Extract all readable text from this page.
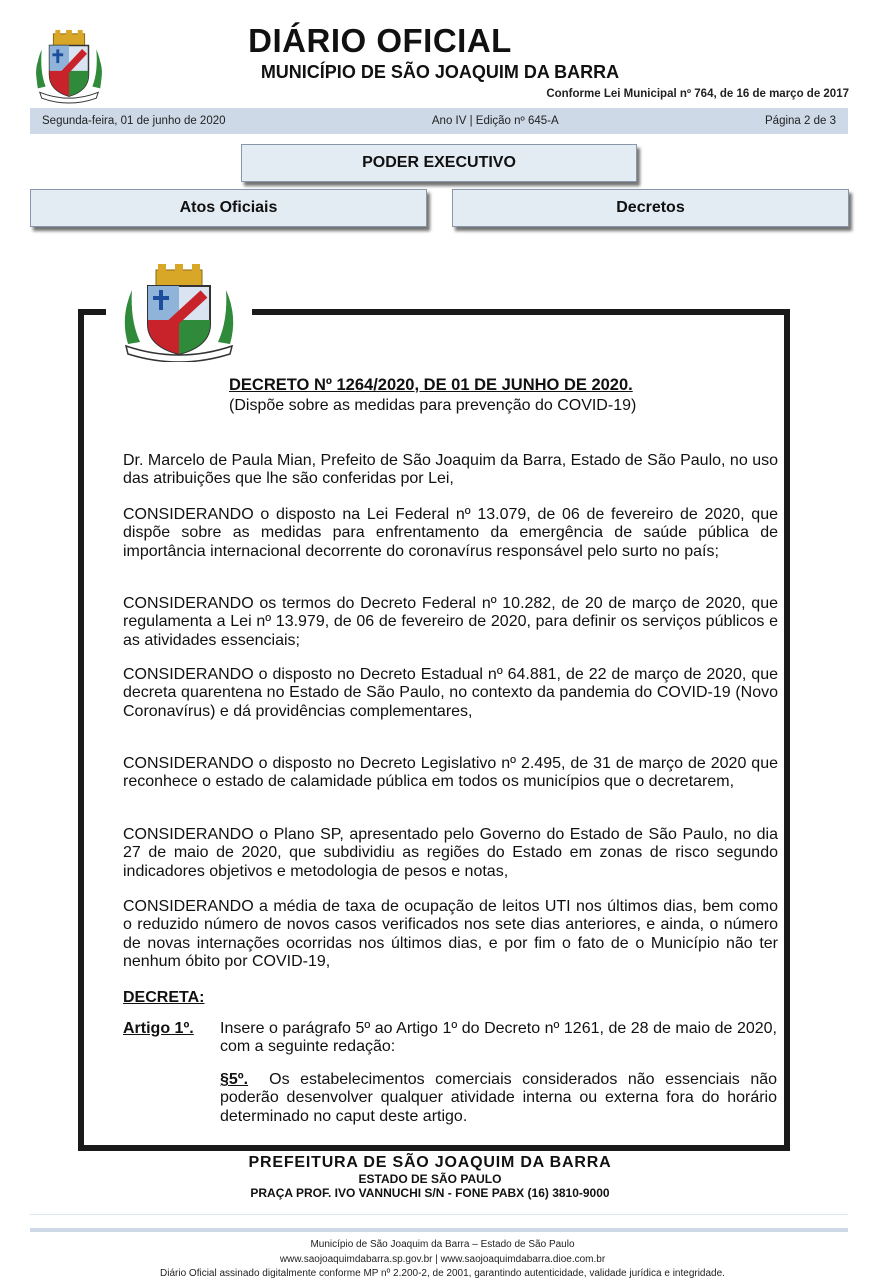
DIÁRIO OFICIAL
MUNICÍPIO DE SÃO JOAQUIM DA BARRA
Conforme Lei Municipal nº 764, de 16 de março de 2017
Segunda-feira, 01 de junho de 2020	Ano IV | Edição nº 645-A	Página 2 de 3
PODER EXECUTIVO
Atos Oficiais	Decretos
DECRETO Nº 1264/2020, DE 01 DE JUNHO DE 2020.
(Dispõe sobre as medidas para prevenção do COVID-19)
Dr. Marcelo de Paula Mian, Prefeito de São Joaquim da Barra, Estado de São Paulo, no uso das atribuições que lhe são conferidas por Lei,
CONSIDERANDO o disposto na Lei Federal nº 13.079, de 06 de fevereiro de 2020, que dispõe sobre as medidas para enfrentamento da emergência de saúde pública de importância internacional decorrente do coronavírus responsável pelo surto no país;
CONSIDERANDO os termos do Decreto Federal nº 10.282, de 20 de março de 2020, que regulamenta a Lei nº 13.979, de 06 de fevereiro de 2020, para definir os serviços públicos e as atividades essenciais;
CONSIDERANDO o disposto no Decreto Estadual nº 64.881, de 22 de março de 2020, que decreta quarentena no Estado de São Paulo, no contexto da pandemia do COVID-19 (Novo Coronavírus) e dá providências complementares,
CONSIDERANDO o disposto no Decreto Legislativo nº 2.495, de 31 de março de 2020 que reconhece o estado de calamidade pública em todos os municípios que o decretarem,
CONSIDERANDO o Plano SP, apresentado pelo Governo do Estado de São Paulo, no dia 27 de maio de 2020, que subdividiu as regiões do Estado em zonas de risco segundo indicadores objetivos e metodologia de pesos e notas,
CONSIDERANDO a média de taxa de ocupação de leitos UTI nos últimos dias, bem como o reduzido número de novos casos verificados nos sete dias anteriores, e ainda, o número de novas internações ocorridas nos últimos dias, e por fim o fato de o Município não ter nenhum óbito por COVID-19,
DECRETA:
Artigo 1º. Insere o parágrafo 5º ao Artigo 1º do Decreto nº 1261, de 28 de maio de 2020, com a seguinte redação:
§5º. Os estabelecimentos comerciais considerados não essenciais não poderão desenvolver qualquer atividade interna ou externa fora do horário determinado no caput deste artigo.
PREFEITURA DE SÃO JOAQUIM DA BARRA
ESTADO DE SÃO PAULO
PRAÇA PROF. IVO VANNUCHI S/N - FONE PABX (16) 3810-9000
Município de São Joaquim da Barra – Estado de São Paulo
www.saojoaquimdabarra.sp.gov.br | www.saojoaquimdabarra.dioe.com.br
Diário Oficial assinado digitalmente conforme MP nº 2.200-2, de 2001, garantindo autenticidade, validade jurídica e integridade.
